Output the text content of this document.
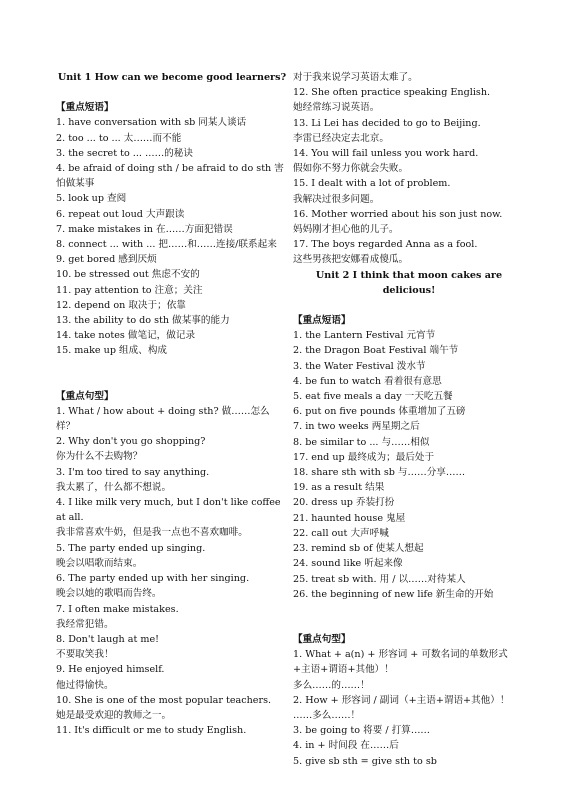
Unit 1 How can we become good learners?

【重点短语】

1. have conversation with sb 同某人谈话

2. too ... to ... 太……而不能

3. the secret to ... ……的秘诀

4. be afraid of doing sth / be afraid to do sth 害怕做某事

5. look up 查阅

6. repeat out loud 大声跟读

7. make mistakes in 在……方面犯错误

8. connect ... with ... 把……和……连接/联系起来

9. get bored 感到厌烦

10. be stressed out 焦虑不安的

11. pay attention to 注意；关注

12. depend on 取决于；依靠

13. the ability to do sth 做某事的能力

14. take notes 做笔记，做记录

15. make up 组成、构成

【重点句型】

1. What / how about + doing sth? 做……怎么样？

2. Why don't you go shopping?

你为什么不去购物？

3. I'm too tired to say anything.

我太累了，什么都不想说。

4. I like milk very much, but I don't like coffee at all.

我非常喜欢牛奶，但是我一点也不喜欢咖啡。

5. The party ended up singing.

晚会以唱歌而结束。

6. The party ended up with her singing.

晚会以她的歌唱而告终。

7. I often make mistakes.

我经常犯错。

8. Don't laugh at me!

不要取笑我！

9. He enjoyed himself.

他过得愉快。

10. She is one of the most popular teachers.

她是最受欢迎的教师之一。

11. It's difficult or me to study English.

对于我来说学习英语太难了。

12. She often practice speaking English.

她经常练习说英语。

13. Li Lei has decided to go to Beijing.

李雷已经决定去北京。

14. You will fail unless you work hard.

假如你不努力你就会失败。

15. I dealt with a lot of problem.

我解决过很多问题。

16. Mother worried about his son just now.

妈妈刚才担心他的儿子。

17. The boys regarded Anna as a fool.

这些男孩把安娜看成傻瓜。

Unit 2 I think that moon cakes are delicious!

【重点短语】

1. the Lantern Festival 元宵节

2. the Dragon Boat Festival 端午节

3. the Water Festival 泼水节

4. be fun to watch 看着很有意思

5. eat five meals a day 一天吃五餐

6. put on five pounds 体重增加了五磅

7. in two weeks 两星期之后

8. be similar to ... 与……相似

17. end up 最终成为；最后处于

18. share sth with sb 与……分享……

19. as a result 结果

20. dress up 乔装打扮

21. haunted house 鬼屋

22. call out 大声呼喊

23. remind sb of 使某人想起

24. sound like 听起来像

25. treat sb with. 用 / 以……对待某人

26. the beginning of new life 新生命的开始

【重点句型】

1. What + a(n) + 形容词 + 可数名词的单数形式+主语+谓语+其他）！

多么……的……！

2. How + 形容词 / 副词（+主语+谓语+其他）！

……多么……！

3. be going to 将要 / 打算……

4. in + 时间段 在……后

5. give sb sth = give sth to sb
